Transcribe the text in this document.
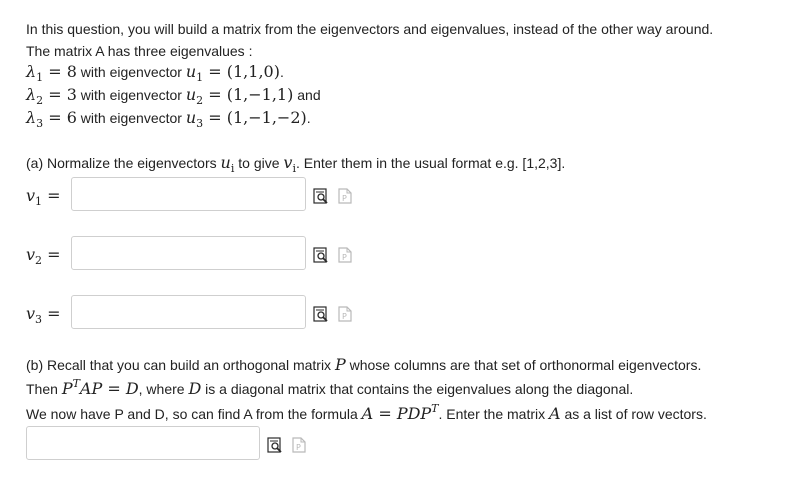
In this question, you will build a matrix from the eigenvectors and eigenvalues, instead of the other way around.
The matrix A has three eigenvalues :
$\lambda_1 = 8$ with eigenvector $u_1 = (1,1,0)$.
$\lambda_2 = 3$ with eigenvector $u_2 = (1,-1,1)$ and
$\lambda_3 = 6$ with eigenvector $u_3 = (1,-1,-2)$.
(a) Normalize the eigenvectors $u_i$ to give $v_i$. Enter them in the usual format e.g. [1,2,3].
$v_1$ =	P
$v_2$ =	P
$v_3$ =	P
(b) Recall that you can build an orthogonal matrix P whose columns are that set of orthonormal eigenvectors.
Then $P^TAP = D$, where D is a diagonal matrix that contains the eigenvalues along the diagonal.
We now have P and D, so can find A from the formula $A = PDP^T$. Enter the matrix A as a list of row vectors.
P
